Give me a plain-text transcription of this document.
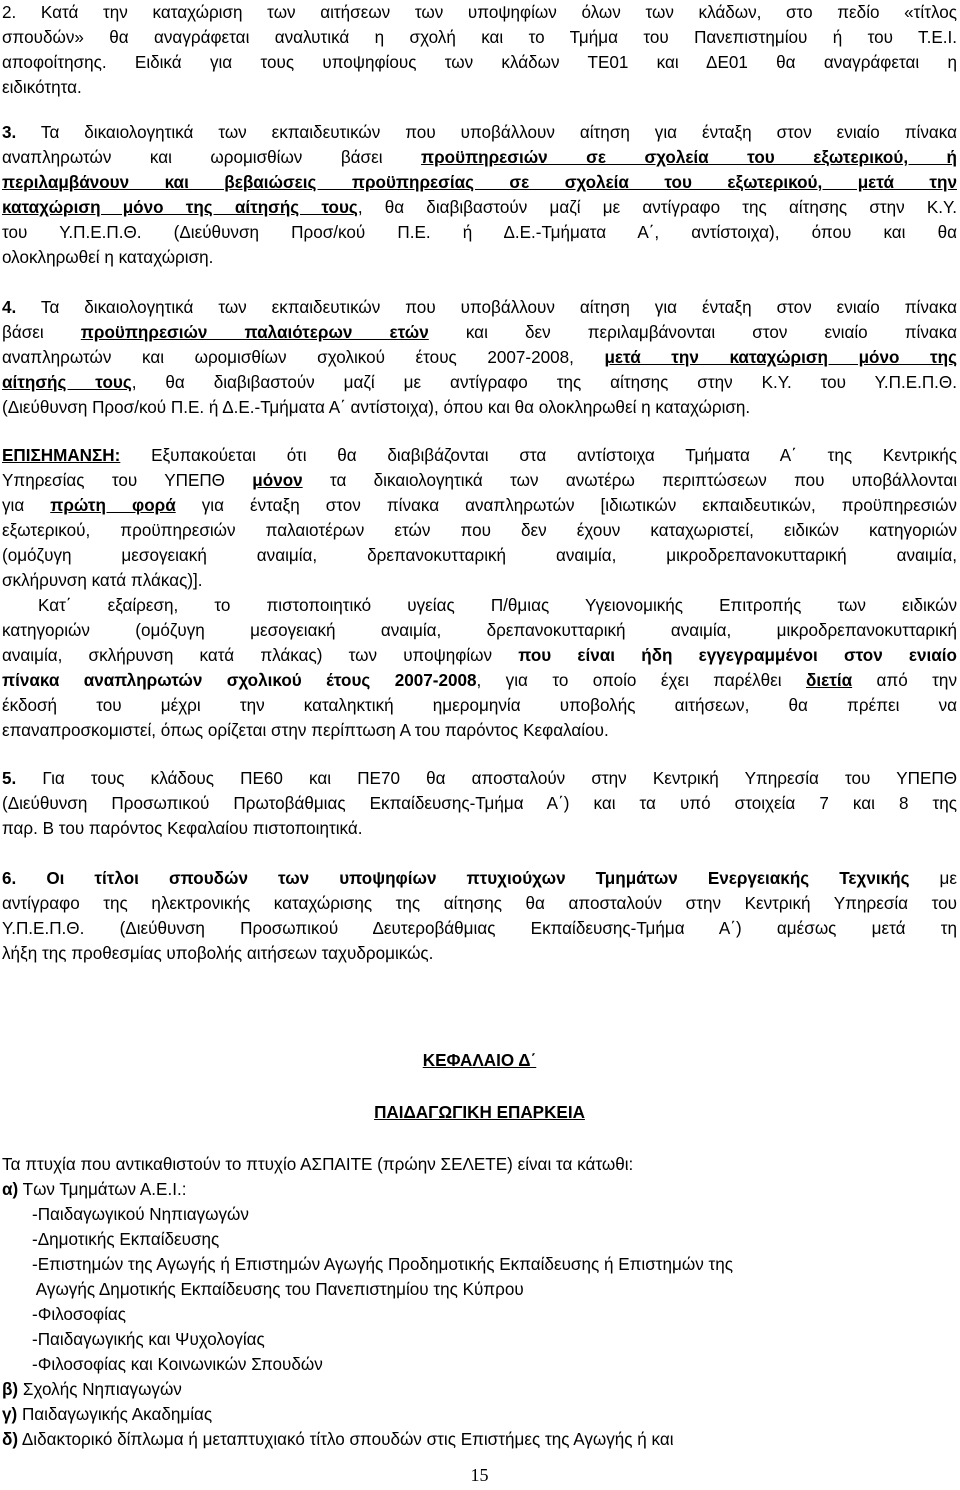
2. Κατά την καταχώριση των αιτήσεων των υποψηφίων όλων των κλάδων, στο πεδίο «τίτλος
σπουδών» θα αναγράφεται αναλυτικά η σχολή και το Τμήμα του Πανεπιστημίου ή του Τ.Ε.Ι.
αποφοίτησης. Ειδικά για τους υποψηφίους των κλάδων ΤΕ01 και ΔΕ01 θα αναγράφεται η
ειδικότητα.
3. Τα δικαιολογητικά των εκπαιδευτικών που υποβάλλουν αίτηση για ένταξη στον ενιαίο πίνακα
αναπληρωτών και ωρομισθίων βάσει προϋπηρεσιών σε σχολεία του εξωτερικού, ή
περιλαμβάνουν και βεβαιώσεις προϋπηρεσίας σε σχολεία του εξωτερικού, μετά την
καταχώριση μόνο της αίτησής τους, θα διαβιβαστούν μαζί με αντίγραφο της αίτησης στην Κ.Υ.
του Υ.Π.Ε.Π.Θ. (Διεύθυνση Προσ/κού Π.Ε. ή Δ.Ε.-Τμήματα Α΄, αντίστοιχα), όπου και θα
ολοκληρωθεί η καταχώριση.
4. Τα δικαιολογητικά των εκπαιδευτικών που υποβάλλουν αίτηση για ένταξη στον ενιαίο πίνακα
βάσει προϋπηρεσιών παλαιότερων ετών και δεν περιλαμβάνονται στον ενιαίο πίνακα
αναπληρωτών και ωρομισθίων σχολικού έτους 2007-2008, μετά την καταχώριση μόνο της
αίτησής τους, θα διαβιβαστούν μαζί με αντίγραφο της αίτησης στην Κ.Υ. του Υ.Π.Ε.Π.Θ.
(Διεύθυνση Προσ/κού Π.Ε. ή Δ.Ε.-Τμήματα Α΄ αντίστοιχα), όπου και θα ολοκληρωθεί η καταχώριση.
ΕΠΙΣΗΜΑΝΣΗ: Εξυπακούεται ότι θα διαβιβάζονται στα αντίστοιχα Τμήματα Α΄ της Κεντρικής
Υπηρεσίας του ΥΠΕΠΘ μόνον τα δικαιολογητικά των ανωτέρω περιπτώσεων που υποβάλλονται
για πρώτη φορά για ένταξη στον πίνακα αναπληρωτών [ιδιωτικών εκπαιδευτικών, προϋπηρεσιών
εξωτερικού, προϋπηρεσιών παλαιοτέρων ετών που δεν έχουν καταχωριστεί, ειδικών κατηγοριών
(ομόζυγη μεσογειακή αναιμία, δρεπανοκυτταρική αναιμία, μικροδρεπανοκυτταρική αναιμία,
σκλήρυνση κατά πλάκας)].
Κατ΄ εξαίρεση, το πιστοποιητικό υγείας Π/θμιας Υγειονομικής Επιτροπής των ειδικών
κατηγοριών (ομόζυγη μεσογειακή αναιμία, δρεπανοκυτταρική αναιμία, μικροδρεπανοκυτταρική
αναιμία, σκλήρυνση κατά πλάκας) των υποψηφίων που είναι ήδη εγγεγραμμένοι στον ενιαίο
πίνακα αναπληρωτών σχολικού έτους 2007-2008, για το οποίο έχει παρέλθει διετία από την
έκδοσή του μέχρι την καταληκτική ημερομηνία υποβολής αιτήσεων, θα πρέπει να
επαναπροσκομιστεί, όπως ορίζεται στην περίπτωση Α του παρόντος Κεφαλαίου.
5. Για τους κλάδους ΠΕ60 και ΠΕ70 θα αποσταλούν στην Κεντρική Υπηρεσία του ΥΠΕΠΘ
(Διεύθυνση Προσωπικού Πρωτοβάθμιας Εκπαίδευσης-Τμήμα Α΄) και τα υπό στοιχεία 7 και 8 της
παρ. Β του παρόντος Κεφαλαίου πιστοποιητικά.
6. Οι τίτλοι σπουδών των υποψηφίων πτυχιούχων Τμημάτων Ενεργειακής Τεχνικής με
αντίγραφο της ηλεκτρονικής καταχώρισης της αίτησης θα αποσταλούν στην Κεντρική Υπηρεσία του
Υ.Π.Ε.Π.Θ. (Διεύθυνση Προσωπικού Δευτεροβάθμιας Εκπαίδευσης-Τμήμα Α΄) αμέσως μετά τη
λήξη της προθεσμίας υποβολής αιτήσεων ταχυδρομικώς.
ΚΕΦΑΛΑΙΟ Δ΄
ΠΑΙΔΑΓΩΓΙΚΗ ΕΠΑΡΚΕΙΑ
Τα πτυχία που αντικαθιστούν το πτυχίο ΑΣΠΑΙΤΕ (πρώην ΣΕΛΕΤΕ) είναι τα κάτωθι:
α) Των Τμημάτων Α.Ε.Ι.:
-Παιδαγωγικού Νηπιαγωγών
-Δημοτικής Εκπαίδευσης
-Επιστημών της Αγωγής ή Επιστημών Αγωγής Προδημοτικής Εκπαίδευσης ή Επιστημών της
Αγωγής Δημοτικής Εκπαίδευσης του Πανεπιστημίου της Κύπρου
-Φιλοσοφίας
-Παιδαγωγικής και Ψυχολογίας
-Φιλοσοφίας και Κοινωνικών Σπουδών
β) Σχολής Νηπιαγωγών
γ) Παιδαγωγικής Ακαδημίας
δ) Διδακτορικό δίπλωμα ή μεταπτυχιακό τίτλο σπουδών στις Επιστήμες της Αγωγής ή και
15
